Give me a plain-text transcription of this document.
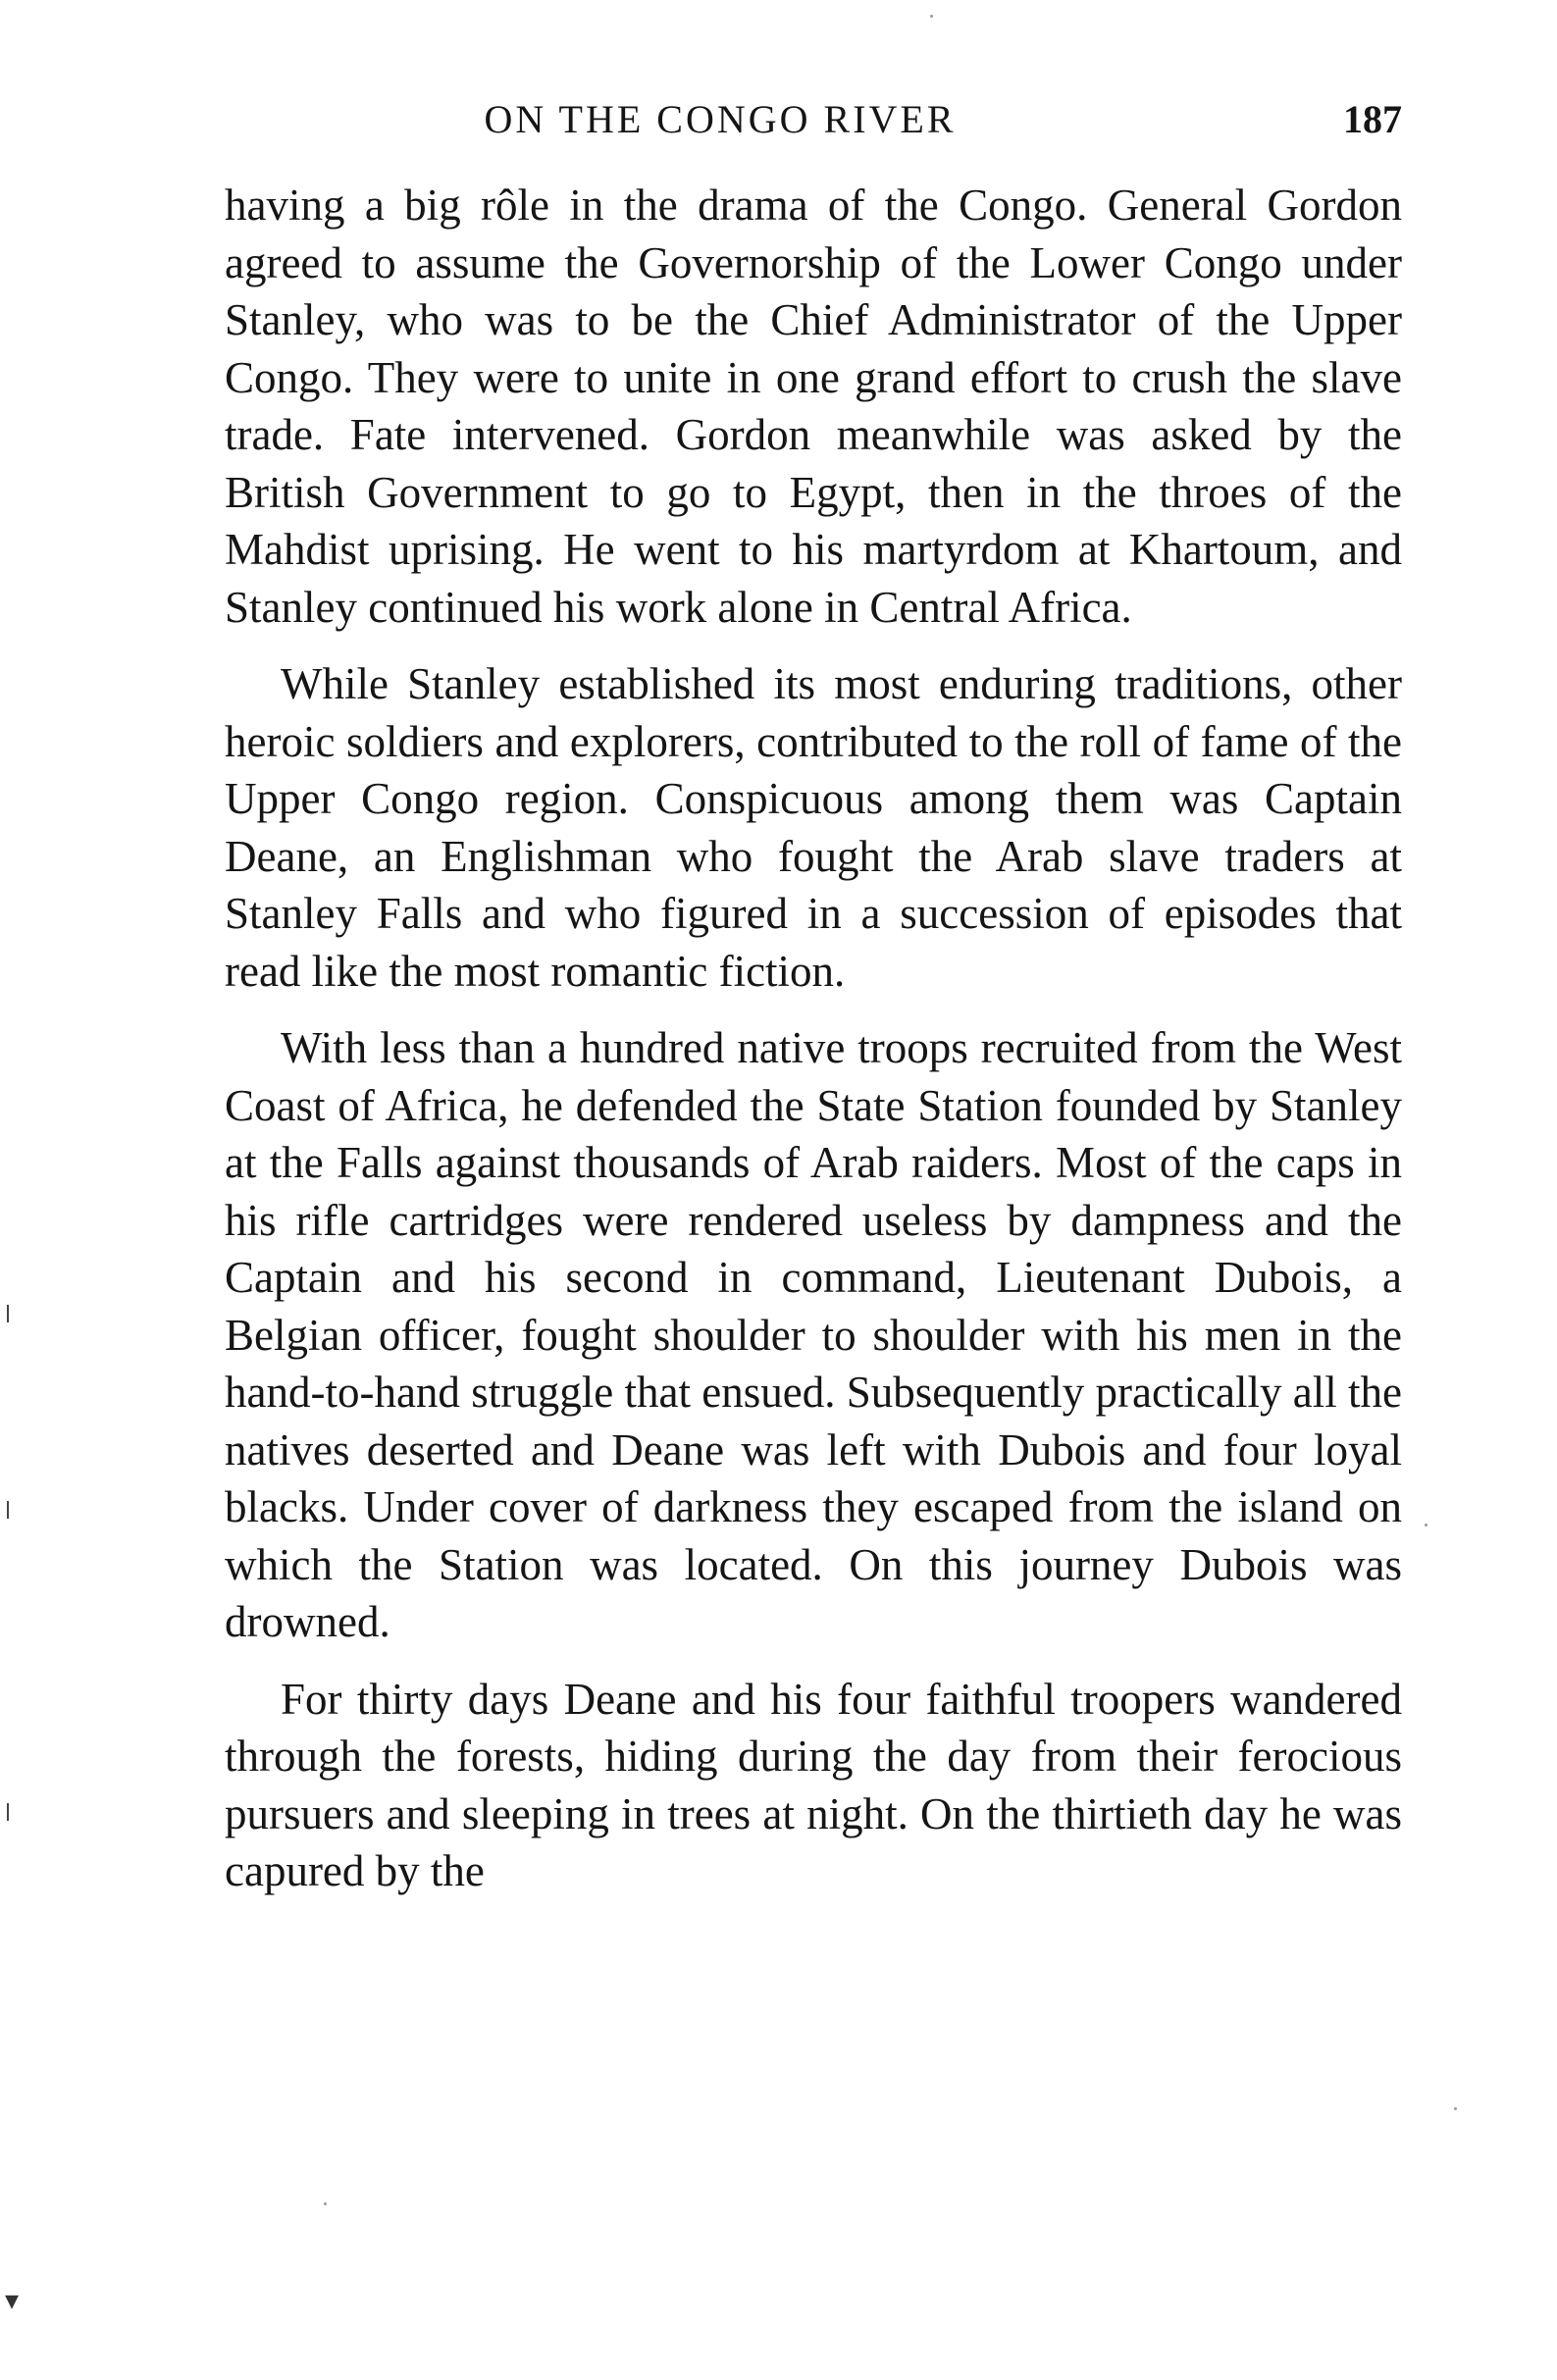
ON THE CONGO RIVER	187

having a big rôle in the drama of the Congo. General Gordon agreed to assume the Governorship of the Lower Congo under Stanley, who was to be the Chief Administrator of the Upper Congo. They were to unite in one grand effort to crush the slave trade. Fate intervened. Gordon meanwhile was asked by the British Government to go to Egypt, then in the throes of the Mahdist uprising. He went to his martyrdom at Khartoum, and Stanley continued his work alone in Central Africa.

While Stanley established its most enduring traditions, other heroic soldiers and explorers, contributed to the roll of fame of the Upper Congo region. Conspicuous among them was Captain Deane, an Englishman who fought the Arab slave traders at Stanley Falls and who figured in a succession of episodes that read like the most romantic fiction.

With less than a hundred native troops recruited from the West Coast of Africa, he defended the State Station founded by Stanley at the Falls against thousands of Arab raiders. Most of the caps in his rifle cartridges were rendered useless by dampness and the Captain and his second in command, Lieutenant Dubois, a Belgian officer, fought shoulder to shoulder with his men in the hand-to-hand struggle that ensued. Subsequently practically all the natives deserted and Deane was left with Dubois and four loyal blacks. Under cover of darkness they escaped from the island on which the Station was located. On this journey Dubois was drowned.

For thirty days Deane and his four faithful troopers wandered through the forests, hiding during the day from their ferocious pursuers and sleeping in trees at night. On the thirtieth day he was capured by the

▾
